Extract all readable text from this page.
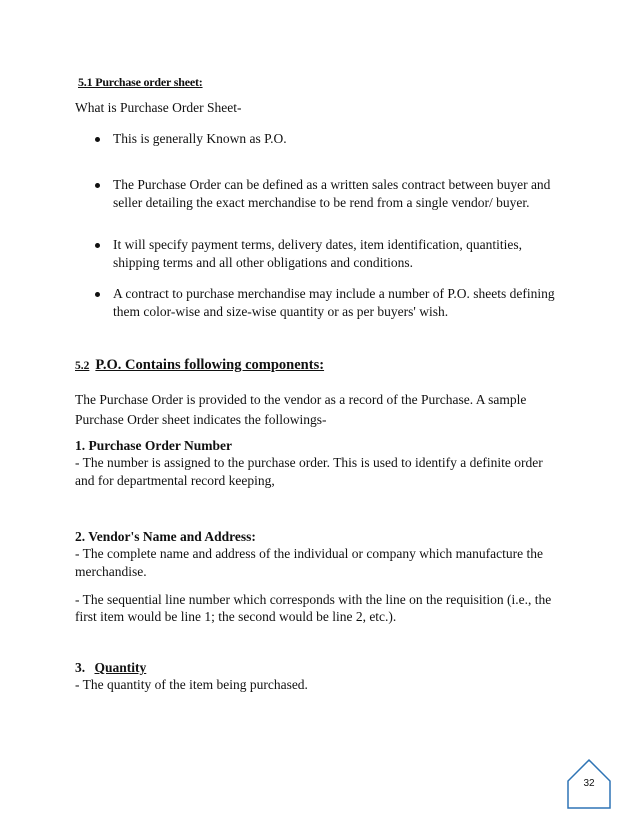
5.1 Purchase order sheet:
What is Purchase Order Sheet-
This is generally Known as P.O.
The Purchase Order can be defined as a written sales contract between buyer and
seller detailing the exact merchandise to be rend from a single vendor/ buyer.
It will specify payment terms, delivery dates, item identification, quantities,
shipping terms and all other obligations and conditions.
A contract to purchase merchandise may include a number of P.O. sheets defining
them color-wise and size-wise quantity or as per buyers' wish.
5.2 P.O. Contains following components:
The Purchase Order is provided to the vendor as a record of the Purchase. A sample
Purchase Order sheet indicates the followings-
1. Purchase Order Number
- The number is assigned to the purchase order. This is used to identify a definite order
and for departmental record keeping,
2. Vendor's Name and Address:
- The complete name and address of the individual or company which manufacture the
merchandise.
- The sequential line number which corresponds with the line on the requisition (i.e., the
first item would be line 1; the second would be line 2, etc.).
3. Quantity
- The quantity of the item being purchased.
32
